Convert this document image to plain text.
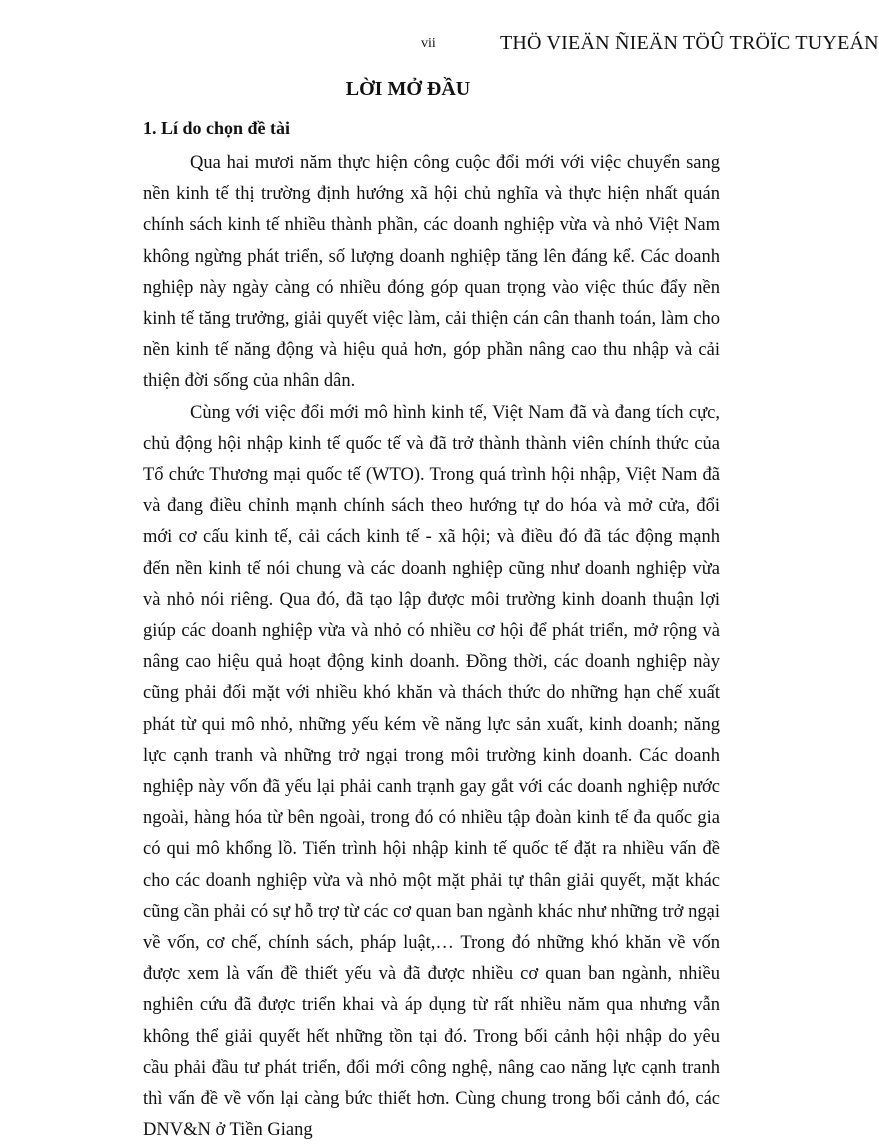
vii	THÖ VIEÄN ÑIEÄN TÖÛ TRÖÏC TUYEÁN
LỜI MỞ ĐẦU
1. Lí do chọn đề tài

Qua hai mươi năm thực hiện công cuộc đổi mới với việc chuyển sang nền kinh tế thị trường định hướng xã hội chủ nghĩa và thực hiện nhất quán chính sách kinh tế nhiều thành phần, các doanh nghiệp vừa và nhỏ Việt Nam không ngừng phát triển, số lượng doanh nghiệp tăng lên đáng kể. Các doanh nghiệp này ngày càng có nhiều đóng góp quan trọng vào việc thúc đẩy nền kinh tế tăng trưởng, giải quyết việc làm, cải thiện cán cân thanh toán, làm cho nền kinh tế năng động và hiệu quả hơn, góp phần nâng cao thu nhập và cải thiện đời sống của nhân dân.

Cùng với việc đổi mới mô hình kinh tế, Việt Nam đã và đang tích cực, chủ động hội nhập kinh tế quốc tế và đã trở thành thành viên chính thức của Tổ chức Thương mại quốc tế (WTO). Trong quá trình hội nhập, Việt Nam đã và đang điều chỉnh mạnh chính sách theo hướng tự do hóa và mở cửa, đổi mới cơ cấu kinh tế, cải cách kinh tế - xã hội; và điều đó đã tác động mạnh đến nền kinh tế nói chung và các doanh nghiệp cũng như doanh nghiệp vừa và nhỏ nói riêng. Qua đó, đã tạo lập được môi trường kinh doanh thuận lợi giúp các doanh nghiệp vừa và nhỏ có nhiều cơ hội để phát triển, mở rộng và nâng cao hiệu quả hoạt động kinh doanh. Đồng thời, các doanh nghiệp này cũng phải đối mặt với nhiều khó khăn và thách thức do những hạn chế xuất phát từ qui mô nhỏ, những yếu kém về năng lực sản xuất, kinh doanh; năng lực cạnh tranh và những trở ngại trong môi trường kinh doanh. Các doanh nghiệp này vốn đã yếu lại phải canh trạnh gay gắt với các doanh nghiệp nước ngoài, hàng hóa từ bên ngoài, trong đó có nhiều tập đoàn kinh tế đa quốc gia có qui mô khổng lồ. Tiến trình hội nhập kinh tế quốc tế đặt ra nhiều vấn đề cho các doanh nghiệp vừa và nhỏ một mặt phải tự thân giải quyết, mặt khác cũng cần phải có sự hỗ trợ từ các cơ quan ban ngành khác như những trở ngại về vốn, cơ chế, chính sách, pháp luật,… Trong đó những khó khăn về vốn được xem là vấn đề thiết yếu và đã được nhiều cơ quan ban ngành, nhiều nghiên cứu đã được triển khai và áp dụng từ rất nhiều năm qua nhưng vẫn không thể giải quyết hết những tồn tại đó. Trong bối cảnh hội nhập do yêu cầu phải đầu tư phát triển, đổi mới công nghệ, nâng cao năng lực cạnh tranh thì vấn đề về vốn lại càng bức thiết hơn. Cùng chung trong bối cảnh đó, các DNV&N ở Tiền Giang
